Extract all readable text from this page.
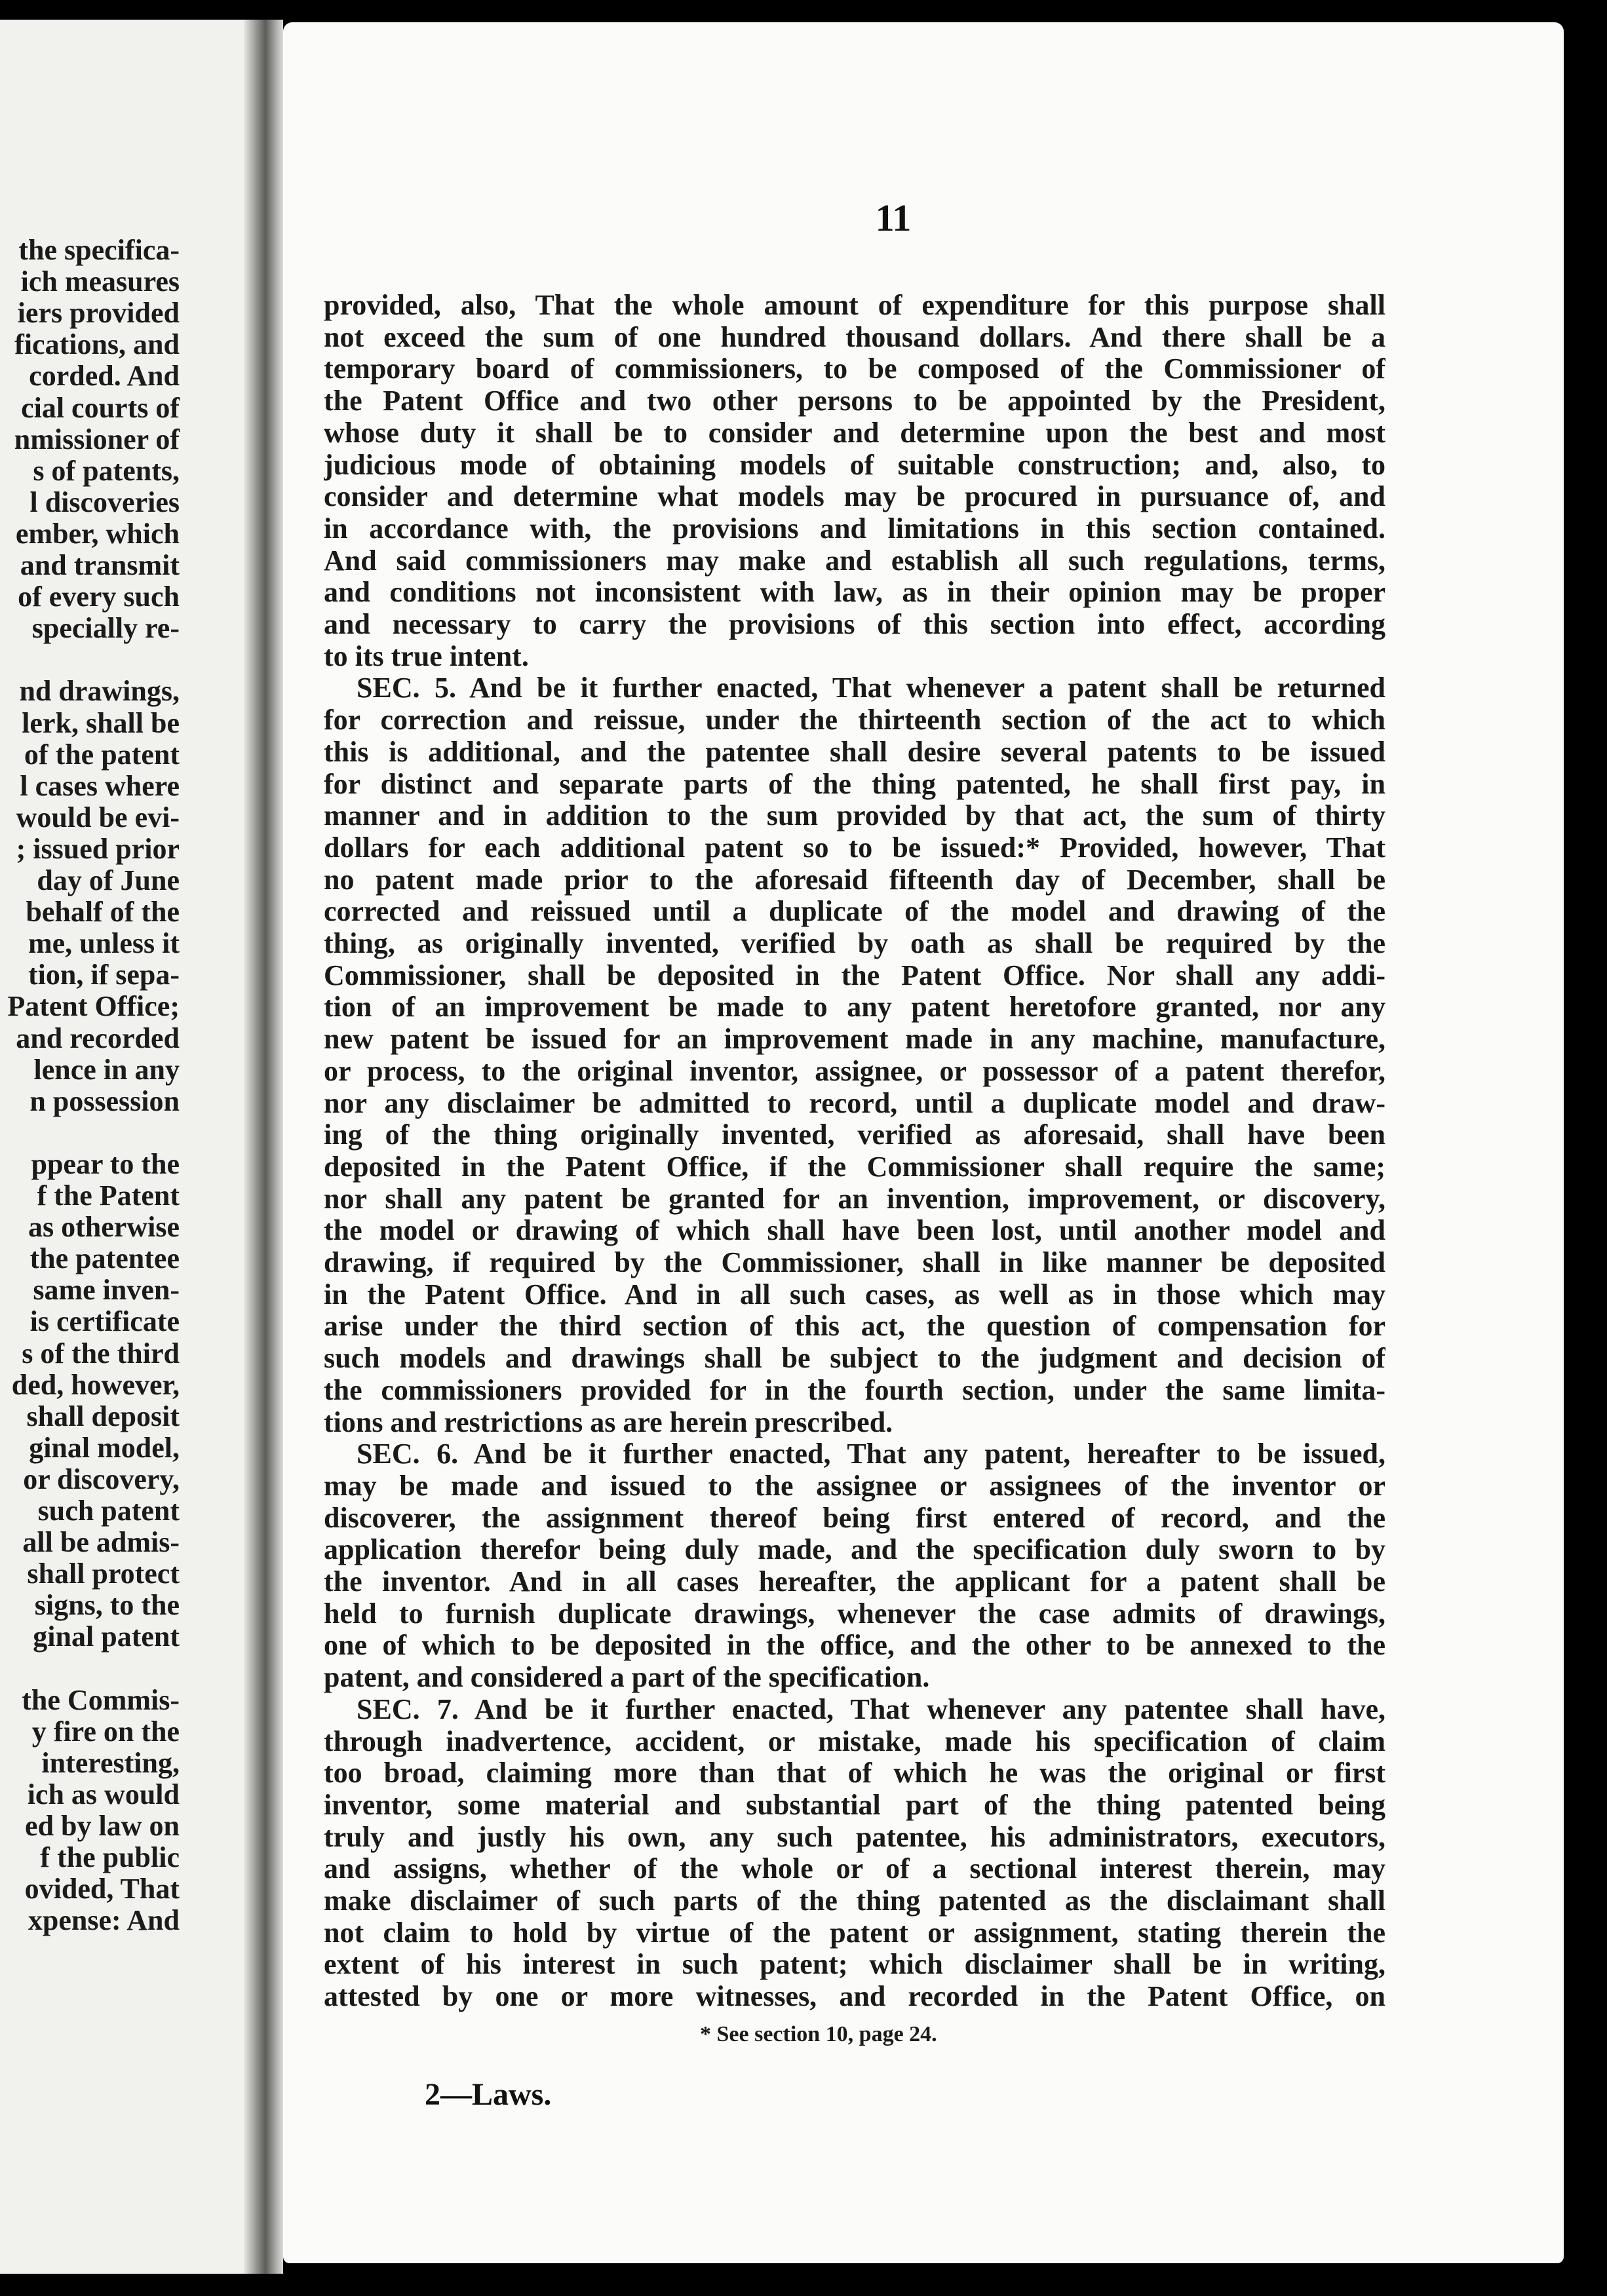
the specifica-
ich measures
iers provided
fications, and
corded. And
cial courts of
nmissioner of
s of patents,
l discoveries
ember, which
and transmit
of every such
specially re-
nd drawings,
lerk, shall be
of the patent
l cases where
would be evi-
; issued prior
day of June
behalf of the
me, unless it
tion, if sepa-
Patent Office;
and recorded
lence in any
n possession
ppear to the
f the Patent
as otherwise
the patentee
same inven-
is certificate
s of the third
ded, however,
shall deposit
ginal model,
or discovery,
such patent
all be admis-
shall protect
signs, to the
ginal patent
the Commis-
y fire on the
interesting,
ich as would
ed by law on
f the public
ovided, That
xpense: And
11
provided, also, That the whole amount of expenditure for this purpose shall
not exceed the sum of one hundred thousand dollars. And there shall be a
temporary board of commissioners, to be composed of the Commissioner of
the Patent Office and two other persons to be appointed by the President,
whose duty it shall be to consider and determine upon the best and most
judicious mode of obtaining models of suitable construction; and, also, to
consider and determine what models may be procured in pursuance of, and
in accordance with, the provisions and limitations in this section contained.
And said commissioners may make and establish all such regulations, terms,
and conditions not inconsistent with law, as in their opinion may be proper
and necessary to carry the provisions of this section into effect, according
to its true intent.
SEC. 5. And be it further enacted, That whenever a patent shall be returned
for correction and reissue, under the thirteenth section of the act to which
this is additional, and the patentee shall desire several patents to be issued
for distinct and separate parts of the thing patented, he shall first pay, in
manner and in addition to the sum provided by that act, the sum of thirty
dollars for each additional patent so to be issued:* Provided, however, That
no patent made prior to the aforesaid fifteenth day of December, shall be
corrected and reissued until a duplicate of the model and drawing of the
thing, as originally invented, verified by oath as shall be required by the
Commissioner, shall be deposited in the Patent Office. Nor shall any addi-
tion of an improvement be made to any patent heretofore granted, nor any
new patent be issued for an improvement made in any machine, manufacture,
or process, to the original inventor, assignee, or possessor of a patent therefor,
nor any disclaimer be admitted to record, until a duplicate model and draw-
ing of the thing originally invented, verified as aforesaid, shall have been
deposited in the Patent Office, if the Commissioner shall require the same;
nor shall any patent be granted for an invention, improvement, or discovery,
the model or drawing of which shall have been lost, until another model and
drawing, if required by the Commissioner, shall in like manner be deposited
in the Patent Office. And in all such cases, as well as in those which may
arise under the third section of this act, the question of compensation for
such models and drawings shall be subject to the judgment and decision of
the commissioners provided for in the fourth section, under the same limita-
tions and restrictions as are herein prescribed.
SEC. 6. And be it further enacted, That any patent, hereafter to be issued,
may be made and issued to the assignee or assignees of the inventor or
discoverer, the assignment thereof being first entered of record, and the
application therefor being duly made, and the specification duly sworn to by
the inventor. And in all cases hereafter, the applicant for a patent shall be
held to furnish duplicate drawings, whenever the case admits of drawings,
one of which to be deposited in the office, and the other to be annexed to the
patent, and considered a part of the specification.
SEC. 7. And be it further enacted, That whenever any patentee shall have,
through inadvertence, accident, or mistake, made his specification of claim
too broad, claiming more than that of which he was the original or first
inventor, some material and substantial part of the thing patented being
truly and justly his own, any such patentee, his administrators, executors,
and assigns, whether of the whole or of a sectional interest therein, may
make disclaimer of such parts of the thing patented as the disclaimant shall
not claim to hold by virtue of the patent or assignment, stating therein the
extent of his interest in such patent; which disclaimer shall be in writing,
attested by one or more witnesses, and recorded in the Patent Office, on
* See section 10, page 24.
2—Laws.
